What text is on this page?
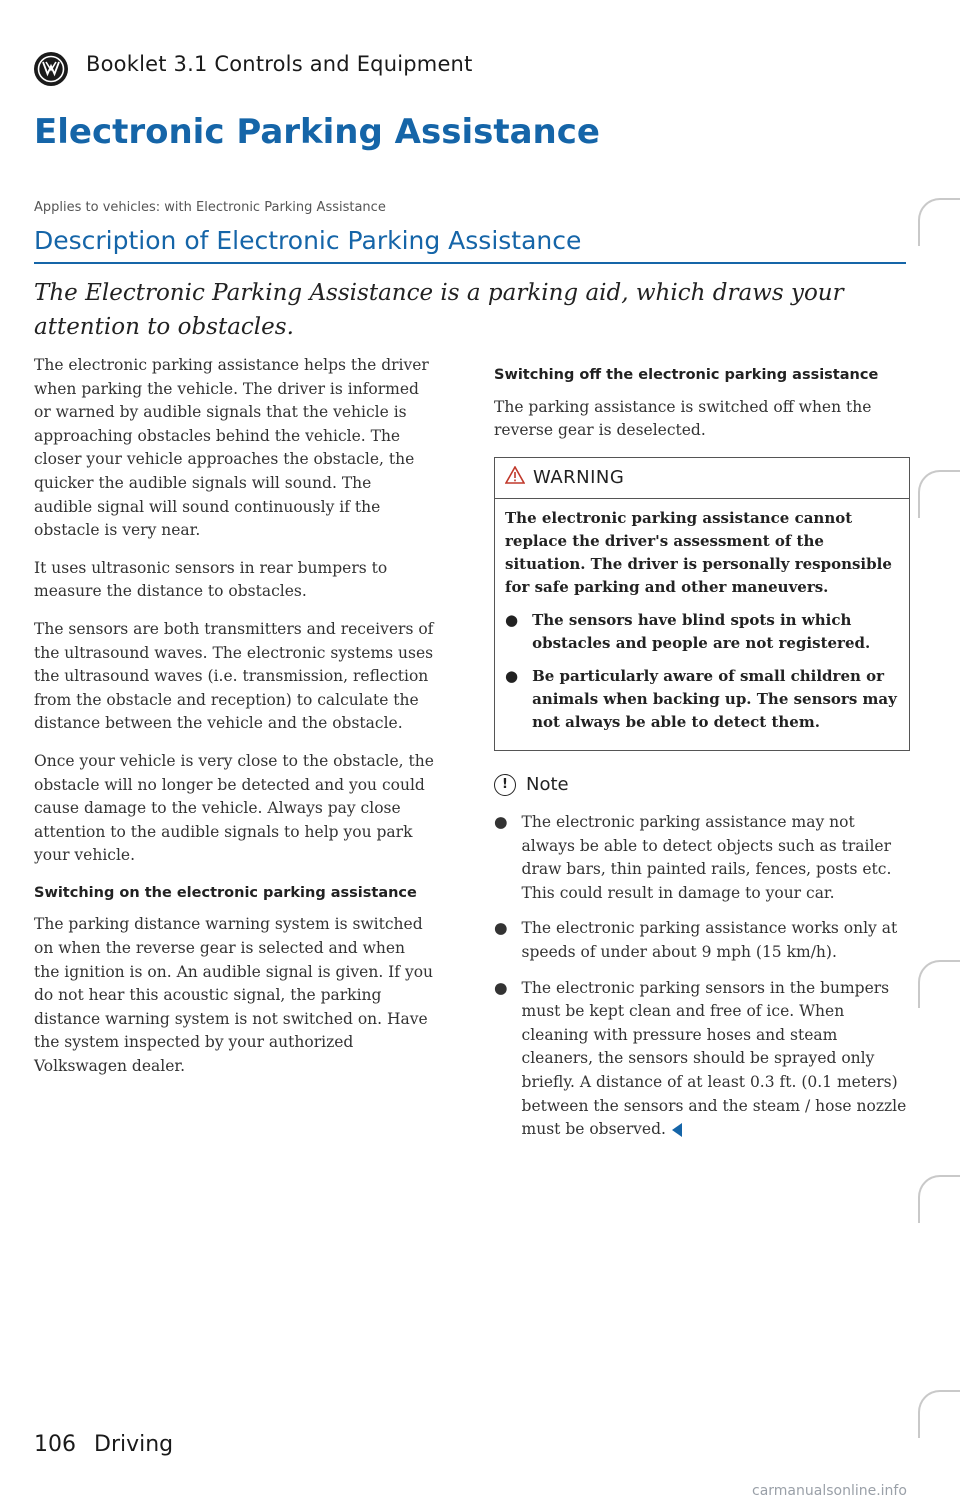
Booklet 3.1 Controls and Equipment
Electronic Parking Assistance
Applies to vehicles: with Electronic Parking Assistance
Description of Electronic Parking Assistance
The Electronic Parking Assistance is a parking aid, which draws your attention to obstacles.

The electronic parking assistance helps the driver when parking the vehicle. The driver is informed or warned by audible signals that the vehicle is approaching obstacles behind the vehicle. The closer your vehicle approaches the obstacle, the quicker the audible signals will sound. The audible signal will sound continuously if the obstacle is very near.

It uses ultrasonic sensors in rear bumpers to measure the distance to obstacles.

The sensors are both transmitters and receivers of the ultrasound waves. The electronic systems uses the ultrasound waves (i.e. transmission, reflection from the obstacle and reception) to calculate the distance between the vehicle and the obstacle.

Once your vehicle is very close to the obstacle, the obstacle will no longer be detected and you could cause damage to the vehicle. Always pay close attention to the audible signals to help you park your vehicle.

Switching on the electronic parking assistance

The parking distance warning system is switched on when the reverse gear is selected and when the ignition is on. An audible signal is given. If you do not hear this acoustic signal, the parking distance warning system is not switched on. Have the system inspected by your authorized Volkswagen dealer.

Switching off the electronic parking assistance

The parking assistance is switched off when the reverse gear is deselected.

WARNING

The electronic parking assistance cannot replace the driver's assessment of the situation. The driver is personally responsible for safe parking and other maneuvers.

● The sensors have blind spots in which obstacles and people are not registered.
● Be particularly aware of small children or animals when backing up. The sensors may not always be able to detect them.
!	Note
● The electronic parking assistance may not always be able to detect objects such as trailer draw bars, thin painted rails, fences, posts etc. This could result in damage to your car.
● The electronic parking assistance works only at speeds of under about 9 mph (15 km/h).
● The electronic parking sensors in the bumpers must be kept clean and free of ice. When cleaning with pressure hoses and steam cleaners, the sensors should be sprayed only briefly. A distance of at least 0.3 ft. (0.1 meters) between the sensors and the steam / hose nozzle must be observed.
106 Driving
carmanualsonline.info
